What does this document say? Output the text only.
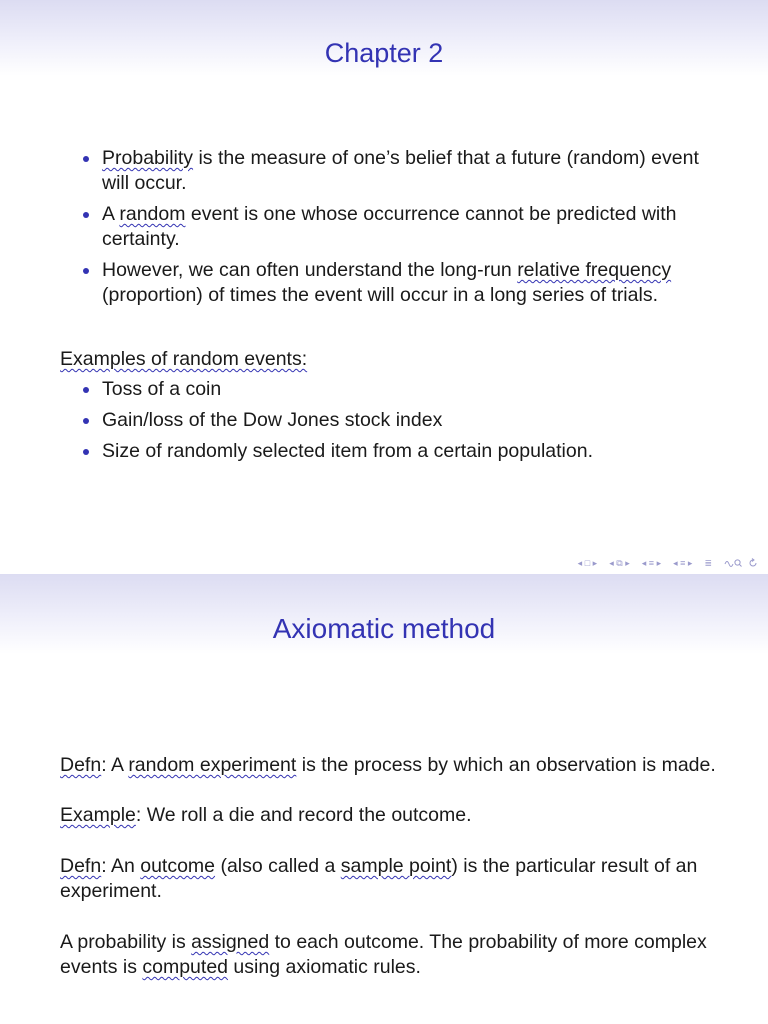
Chapter 2
Probability is the measure of one’s belief that a future (random) event will occur.
A random event is one whose occurrence cannot be predicted with certainty.
However, we can often understand the long-run relative frequency (proportion) of times the event will occur in a long series of trials.

Examples of random events:

Toss of a coin
Gain/loss of the Dow Jones stock index
Size of randomly selected item from a certain population.
◂ □ ▸ ◂ ⧉ ▸ ◂ ≡ ▸ ◂ ≡ ▸ ≣
Axiomatic method

Defn: A random experiment is the process by which an observation is made.

Example: We roll a die and record the outcome.

Defn: An outcome (also called a sample point) is the particular result of an experiment.

A probability is assigned to each outcome. The probability of more complex events is computed using axiomatic rules.
